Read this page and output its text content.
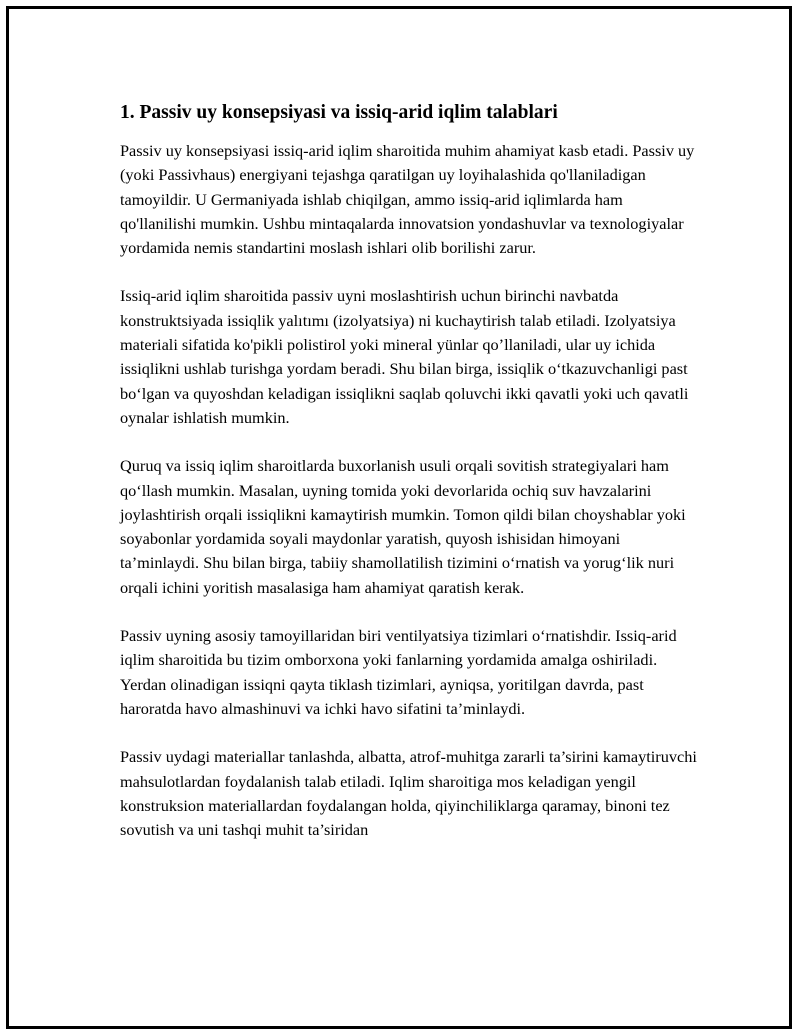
1. Passiv uy konsepsiyasi va issiq-arid iqlim talablari

Passiv uy konsepsiyasi issiq-arid iqlim sharoitida muhim ahamiyat kasb etadi. Passiv uy (yoki Passivhaus) energiyani tejashga qaratilgan uy loyihalashida qo'llaniladigan tamoyildir. U Germaniyada ishlab chiqilgan, ammo issiq-arid iqlimlarda ham qo'llanilishi mumkin. Ushbu mintaqalarda innovatsion yondashuvlar va texnologiyalar yordamida nemis standartini moslash ishlari olib borilishi zarur.

Issiq-arid iqlim sharoitida passiv uyni moslashtirish uchun birinchi navbatda konstruktsiyada issiqlik yalıtımı (izolyatsiya) ni kuchaytirish talab etiladi. Izolyatsiya materiali sifatida ko'pikli polistirol yoki mineral yünlar qo’llaniladi, ular uy ichida issiqlikni ushlab turishga yordam beradi. Shu bilan birga, issiqlik o‘tkazuvchanligi past bo‘lgan va quyoshdan keladigan issiqlikni saqlab qoluvchi ikki qavatli yoki uch qavatli oynalar ishlatish mumkin.

Quruq va issiq iqlim sharoitlarda buxorlanish usuli orqali sovitish strategiyalari ham qo‘llash mumkin. Masalan, uyning tomida yoki devorlarida ochiq suv havzalarini joylashtirish orqali issiqlikni kamaytirish mumkin. Tomon qildi bilan choyshablar yoki soyabonlar yordamida soyali maydonlar yaratish, quyosh ishisidan himoyani ta’minlaydi. Shu bilan birga, tabiiy shamollatilish tizimini o‘rnatish va yorug‘lik nuri orqali ichini yoritish masalasiga ham ahamiyat qaratish kerak.

Passiv uyning asosiy tamoyillaridan biri ventilyatsiya tizimlari o‘rnatishdir. Issiq-arid iqlim sharoitida bu tizim omborxona yoki fanlarning yordamida amalga oshiriladi. Yerdan olinadigan issiqni qayta tiklash tizimlari, ayniqsa, yoritilgan davrda, past haroratda havo almashinuvi va ichki havo sifatini ta’minlaydi.

Passiv uydagi materiallar tanlashda, albatta, atrof-muhitga zararli ta’sirini kamaytiruvchi mahsulotlardan foydalanish talab etiladi. Iqlim sharoitiga mos keladigan yengil konstruksion materiallardan foydalangan holda, qiyinchiliklarga qaramay, binoni tez sovutish va uni tashqi muhit ta’siridan
